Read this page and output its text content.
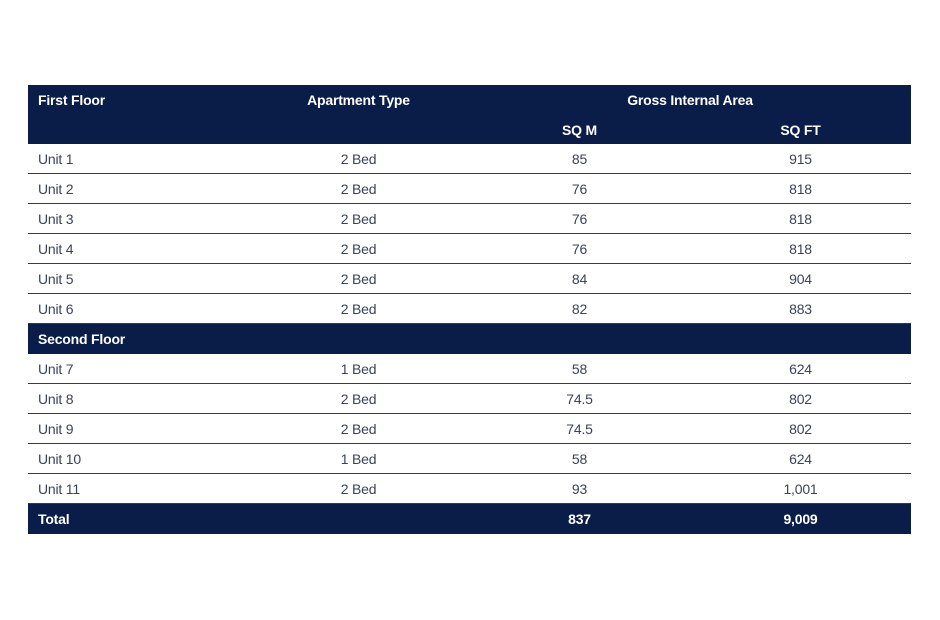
First Floor	Apartment Type	Gross Internal Area	
		SQ M	SQ FT
Unit 1	2 Bed	85	915
Unit 2	2 Bed	76	818
Unit 3	2 Bed	76	818
Unit 4	2 Bed	76	818
Unit 5	2 Bed	84	904
Unit 6	2 Bed	82	883
Second Floor			
Unit 7	1 Bed	58	624
Unit 8	2 Bed	74.5	802
Unit 9	2 Bed	74.5	802
Unit 10	1 Bed	58	624
Unit 11	2 Bed	93	1,001
Total		837	9,009
